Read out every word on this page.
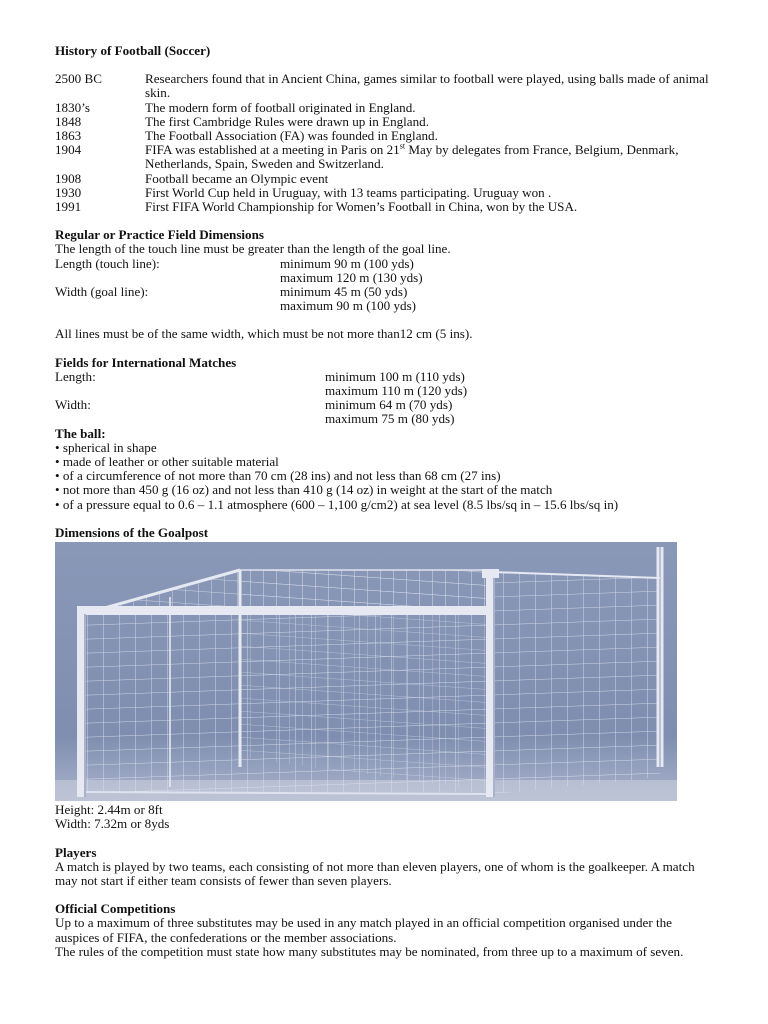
History of Football (Soccer)

2500 BC	Researchers found that in Ancient China, games similar to football were played, using balls made of animal skin.
1830’s	The modern form of football originated in England.
1848	The first Cambridge Rules were drawn up in England.
1863	The Football Association (FA) was founded in England.
1904	FIFA was established at a meeting in Paris on 21st May by delegates from France, Belgium, Denmark, Netherlands, Spain, Sweden and Switzerland.
1908	Football became an Olympic event
1930	First World Cup held in Uruguay, with 13 teams participating. Uruguay won .
1991	First FIFA World Championship for Women’s Football in China, won by the USA.

Regular or Practice Field Dimensions

The length of the touch line must be greater than the length of the goal line.

Length (touch line):	minimum 90 m (100 yds)
maximum 120 m (130 yds)
Width (goal line):	minimum 45 m (50 yds)
maximum 90 m (100 yds)

All lines must be of the same width, which must be not more than12 cm (5 ins).

Fields for International Matches

Length:	minimum 100 m (110 yds)
maximum 110 m (120 yds)
Width:	minimum 64 m (70 yds)
maximum 75 m (80 yds)

The ball:

• spherical in shape

• made of leather or other suitable material

• of a circumference of not more than 70 cm (28 ins) and not less than 68 cm (27 ins)

• not more than 450 g (16 oz) and not less than 410 g (14 oz) in weight at the start of the match

• of a pressure equal to 0.6 – 1.1 atmosphere (600 – 1,100 g/cm2) at sea level (8.5 lbs/sq in – 15.6 lbs/sq in)

Dimensions of the Goalpost

Height: 2.44m or 8ft

Width: 7.32m or 8yds

Players

A match is played by two teams, each consisting of not more than eleven players, one of whom is the goalkeeper. A match may not start if either team consists of fewer than seven players.

Official Competitions

Up to a maximum of three substitutes may be used in any match played in an official competition organised under the auspices of FIFA, the confederations or the member associations.

The rules of the competition must state how many substitutes may be nominated, from three up to a maximum of seven.
